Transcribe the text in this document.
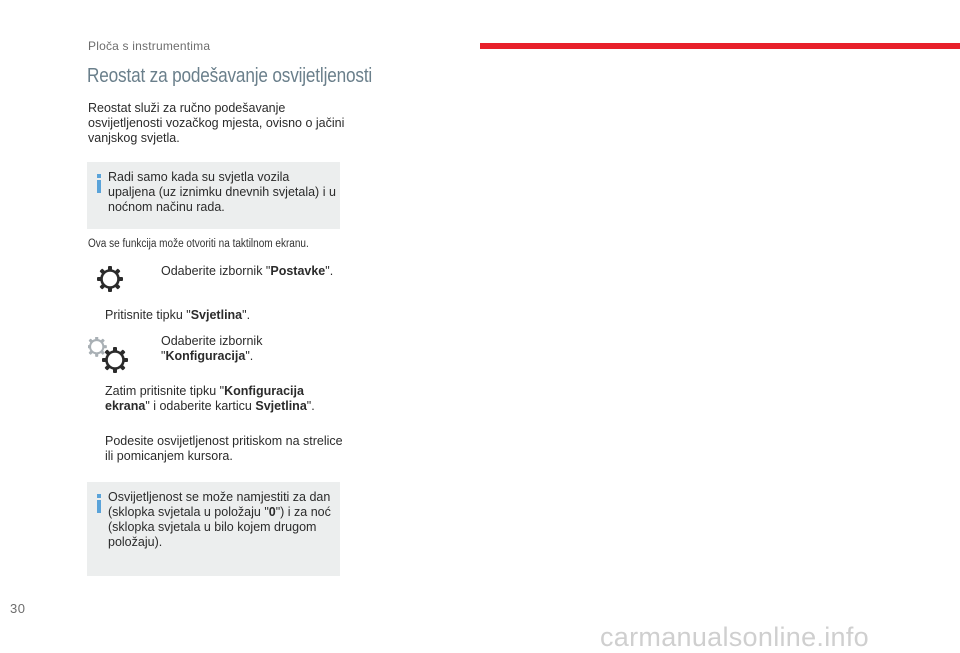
Ploča s instrumentima
Reostat za podešavanje osvijetljenosti
Reostat služi za ručno podešavanje osvijetljenosti vozačkog mjesta, ovisno o jačini vanjskog svjetla.
Radi samo kada su svjetla vozila upaljena (uz iznimku dnevnih svjetala) i u noćnom načinu rada.
Ova se funkcija može otvoriti na taktilnom ekranu.
Odaberite izbornik "Postavke".
Pritisnite tipku "Svjetlina".
Odaberite izbornik "Konfiguracija".
Zatim pritisnite tipku "Konfiguracija ekrana" i odaberite karticu Svjetlina".
Podesite osvijetljenost pritiskom na strelice ili pomicanjem kursora.
Osvijetljenost se može namjestiti za dan (sklopka svjetala u položaju "0") i za noć (sklopka svjetala u bilo kojem drugom položaju).
30
carmanualsonline.info
